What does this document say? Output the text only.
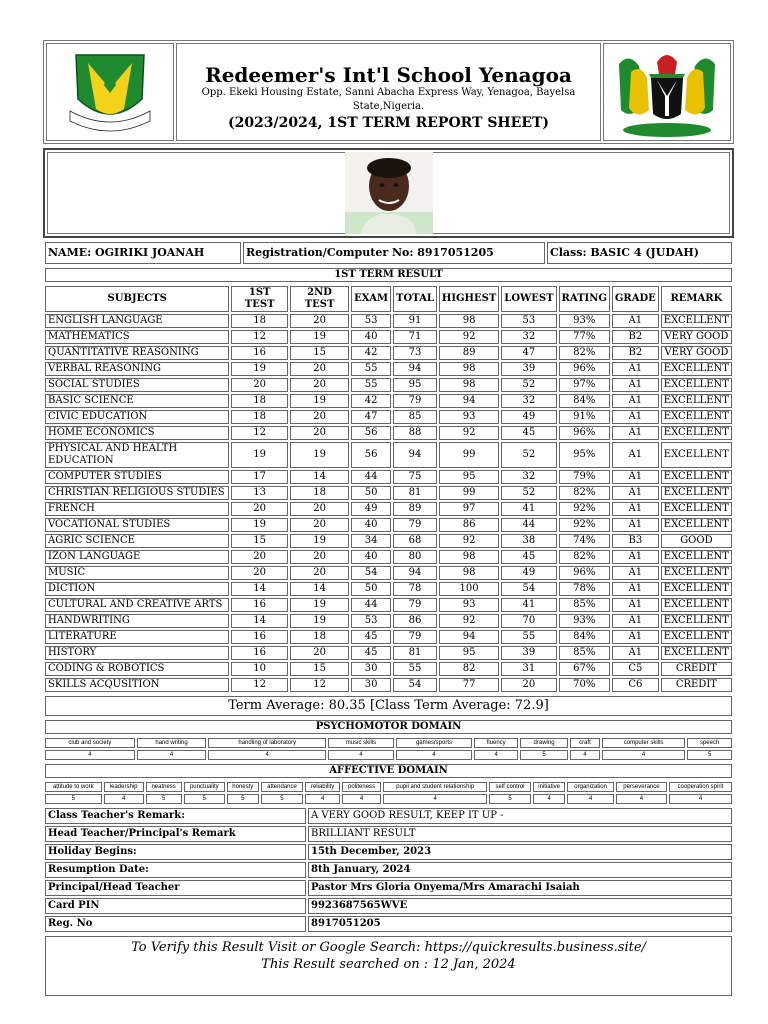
Redeemer's Int'l School Yenagoa
Opp. Ekeki Housing Estate, Sanni Abacha Express Way, Yenagoa, Bayelsa State,Nigeria.
(2023/2024, 1ST TERM REPORT SHEET)
NAME: OGIRIKI JOANAH	Registration/Computer No: 8917051205	Class: BASIC 4 (JUDAH)
1ST TERM RESULT
SUBJECTS	1ST TEST	2ND TEST	EXAM	TOTAL	HIGHEST	LOWEST	RATING	GRADE	REMARK
ENGLISH LANGUAGE	18	20	53	91	98	53	93%	A1	EXCELLENT
MATHEMATICS	12	19	40	71	92	32	77%	B2	VERY GOOD
QUANTITATIVE REASONING	16	15	42	73	89	47	82%	B2	VERY GOOD
VERBAL REASONING	19	20	55	94	98	39	96%	A1	EXCELLENT
SOCIAL STUDIES	20	20	55	95	98	52	97%	A1	EXCELLENT
BASIC SCIENCE	18	19	42	79	94	32	84%	A1	EXCELLENT
CIVIC EDUCATION	18	20	47	85	93	49	91%	A1	EXCELLENT
HOME ECONOMICS	12	20	56	88	92	45	96%	A1	EXCELLENT
PHYSICAL AND HEALTH EDUCATION	19	19	56	94	99	52	95%	A1	EXCELLENT
COMPUTER STUDIES	17	14	44	75	95	32	79%	A1	EXCELLENT
CHRISTIAN RELIGIOUS STUDIES	13	18	50	81	99	52	82%	A1	EXCELLENT
FRENCH	20	20	49	89	97	41	92%	A1	EXCELLENT
VOCATIONAL STUDIES	19	20	40	79	86	44	92%	A1	EXCELLENT
AGRIC SCIENCE	15	19	34	68	92	38	74%	B3	GOOD
IZON LANGUAGE	20	20	40	80	98	45	82%	A1	EXCELLENT
MUSIC	20	20	54	94	98	49	96%	A1	EXCELLENT
DICTION	14	14	50	78	100	54	78%	A1	EXCELLENT
CULTURAL AND CREATIVE ARTS	16	19	44	79	93	41	85%	A1	EXCELLENT
HANDWRITING	14	19	53	86	92	70	93%	A1	EXCELLENT
LITERATURE	16	18	45	79	94	55	84%	A1	EXCELLENT
HISTORY	16	20	45	81	95	39	85%	A1	EXCELLENT
CODING & ROBOTICS	10	15	30	55	82	31	67%	C5	CREDIT
SKILLS ACQUSITION	12	12	30	54	77	20	70%	C6	CREDIT
Term Average: 80.35 [Class Term Average: 72.9]
PSYCHOMOTOR DOMAIN
club and society	hand writing	handling of laboratory	music skills	games/sports	fluency	drawing	craft	computer skills	speech
4	4	4	4	4	4	5	4	4	5
AFFECTIVE DOMAIN
attitude to work	leadership	neatness	punctuality	honesty	attendance	reliability	politeness	pupil and student relationship	self control	initiative	organization	perseverance	cooperation spirit
5	4	5	5	5	5	4	4	4	5	4	4	4	4
Class Teacher's Remark:	A VERY GOOD RESULT, KEEP IT UP -
Head Teacher/Principal's Remark	BRILLIANT RESULT
Holiday Begins:	15th December, 2023
Resumption Date:	8th January, 2024
Principal/Head Teacher	Pastor Mrs Gloria Onyema/Mrs Amarachi Isaiah
Card PIN	9923687565WVE
Reg. No	8917051205
To Verify this Result Visit or Google Search: https://quickresults.business.site/
This Result searched on : 12 Jan, 2024
